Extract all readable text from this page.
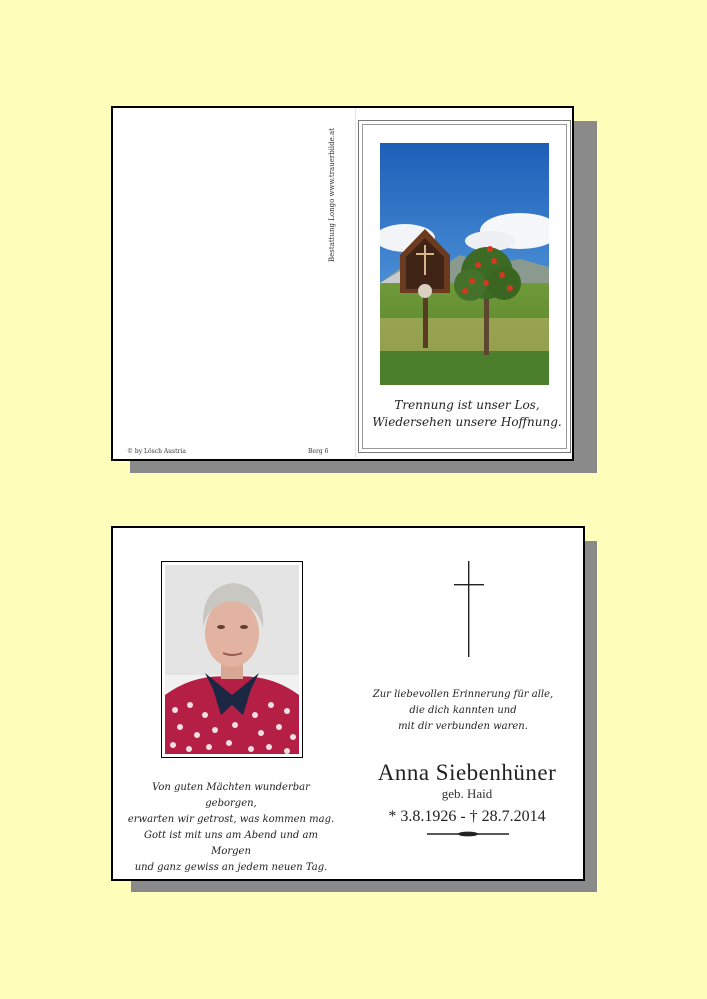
Bestattung Longo www.trauerbilde.at
© by Lösch Austria	Berg 6
Trennung ist unser Los,
Wiedersehen unsere Hoffnung.
Von guten Mächten wunderbar geborgen,
erwarten wir getrost, was kommen mag.
Gott ist mit uns am Abend und am Morgen
und ganz gewiss an jedem neuen Tag.
Zur liebevollen Erinnerung für alle,
die dich kannten und
mit dir verbunden waren.
Anna Siebenhüner
geb. Haid
* 3.8.1926 - † 28.7.2014
